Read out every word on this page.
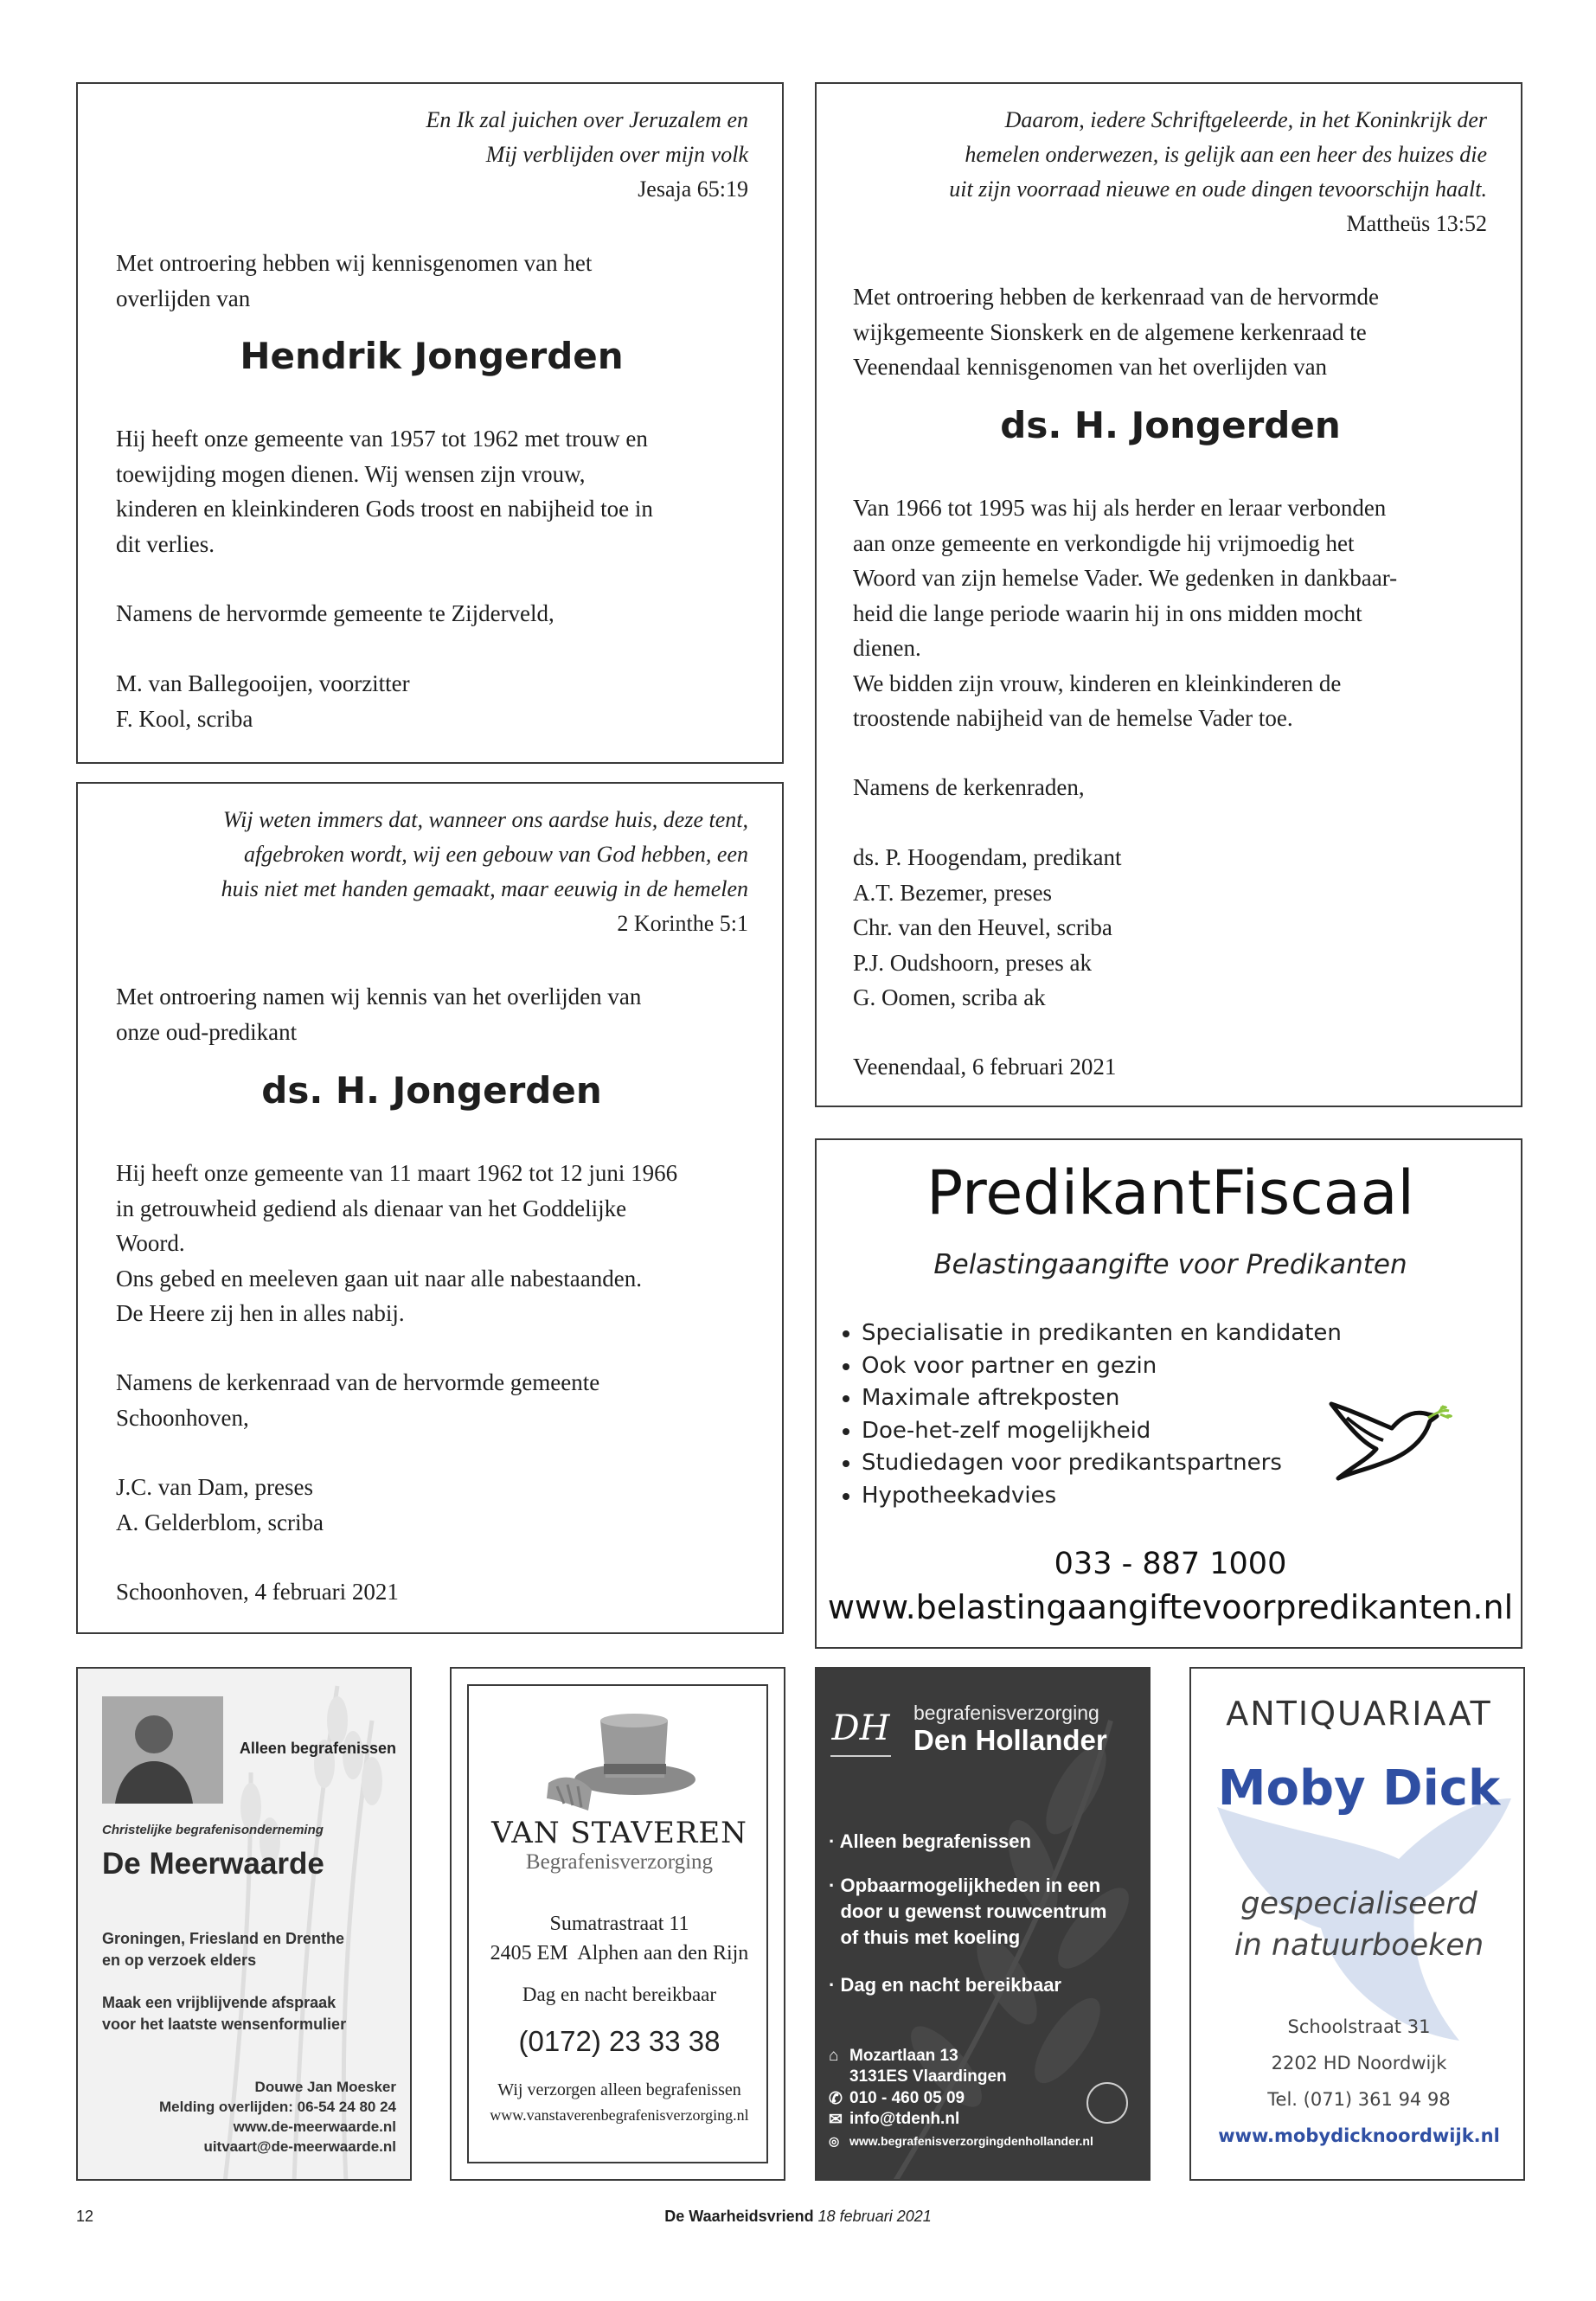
En Ik zal juichen over Jeruzalem en
Mij verblijden over mijn volk
Jesaja 65:19
Met ontroering hebben wij kennisgenomen van het
overlijden van
Hendrik Jongerden
Hij heeft onze gemeente van 1957 tot 1962 met trouw en
toewijding mogen dienen. Wij wensen zijn vrouw,
kinderen en kleinkinderen Gods troost en nabijheid toe in
dit verlies.
Namens de hervormde gemeente te Zijderveld,
M. van Ballegooijen, voorzitter
F. Kool, scriba
Wij weten immers dat, wanneer ons aardse huis, deze tent,
afgebroken wordt, wij een gebouw van God hebben, een
huis niet met handen gemaakt, maar eeuwig in de hemelen
2 Korinthe 5:1
Met ontroering namen wij kennis van het overlijden van
onze oud-predikant
ds. H. Jongerden
Hij heeft onze gemeente van 11 maart 1962 tot 12 juni 1966
in getrouwheid gediend als dienaar van het Goddelijke
Woord.
Ons gebed en meeleven gaan uit naar alle nabestaanden.
De Heere zij hen in alles nabij.
Namens de kerkenraad van de hervormde gemeente
Schoonhoven,
J.C. van Dam, preses
A. Gelderblom, scriba
Schoonhoven, 4 februari 2021
Daarom, iedere Schriftgeleerde, in het Koninkrijk der
hemelen onderwezen, is gelijk aan een heer des huizes die
uit zijn voorraad nieuwe en oude dingen tevoorschijn haalt.
Mattheüs 13:52
Met ontroering hebben de kerkenraad van de hervormde
wijkgemeente Sionskerk en de algemene kerkenraad te
Veenendaal kennisgenomen van het overlijden van
ds. H. Jongerden
Van 1966 tot 1995 was hij als herder en leraar verbonden
aan onze gemeente en verkondigde hij vrijmoedig het
Woord van zijn hemelse Vader. We gedenken in dankbaar-
heid die lange periode waarin hij in ons midden mocht
dienen.
We bidden zijn vrouw, kinderen en kleinkinderen de
troostende nabijheid van de hemelse Vader toe.
Namens de kerkenraden,
ds. P. Hoogendam, predikant
A.T. Bezemer, preses
Chr. van den Heuvel, scriba
P.J. Oudshoorn, preses ak
G. Oomen, scriba ak
Veenendaal, 6 februari 2021
PredikantFiscaal
Belastingaangifte voor Predikanten
• Specialisatie in predikanten en kandidaten
• Ook voor partner en gezin
• Maximale aftrekposten
• Doe-het-zelf mogelijkheid
• Studiedagen voor predikantspartners
• Hypotheekadvies
033 - 887 1000
www.belastingaangiftevoorpredikanten.nl
Alleen begrafenissen
Christelijke begrafenisonderneming
De Meerwaarde
Groningen, Friesland en Drenthe
en op verzoek elders
Maak een vrijblijvende afspraak
voor het laatste wensenformulier
Douwe Jan Moesker
Melding overlijden: 06-54 24 80 24
www.de-meerwaarde.nl
uitvaart@de-meerwaarde.nl
VAN STAVEREN
Begrafenisverzorging
Sumatrastraat 11
2405 EM  Alphen aan den Rijn
Dag en nacht bereikbaar
(0172) 23 33 38
Wij verzorgen alleen begrafenissen
www.vanstaverenbegrafenisverzorging.nl
DH begrafenisverzorging
Den Hollander
· Alleen begrafenissen
· Opbaarmogelijkheden in een
door u gewenst rouwcentrum
of thuis met koeling
· Dag en nacht bereikbaar
⌂ Mozartlaan 13
3131ES Vlaardingen
✆ 010 - 460 05 09
✉ info@tdenh.nl
◎ www.begrafenisverzorgingdenhollander.nl
ANTIQUARIAAT
Moby Dick
gespecialiseerd
in natuurboeken
Schoolstraat 31
2202 HD Noordwijk
Tel. (071) 361 94 98
www.mobydicknoordwijk.nl
12	De Waarheidsvriend 18 februari 2021
